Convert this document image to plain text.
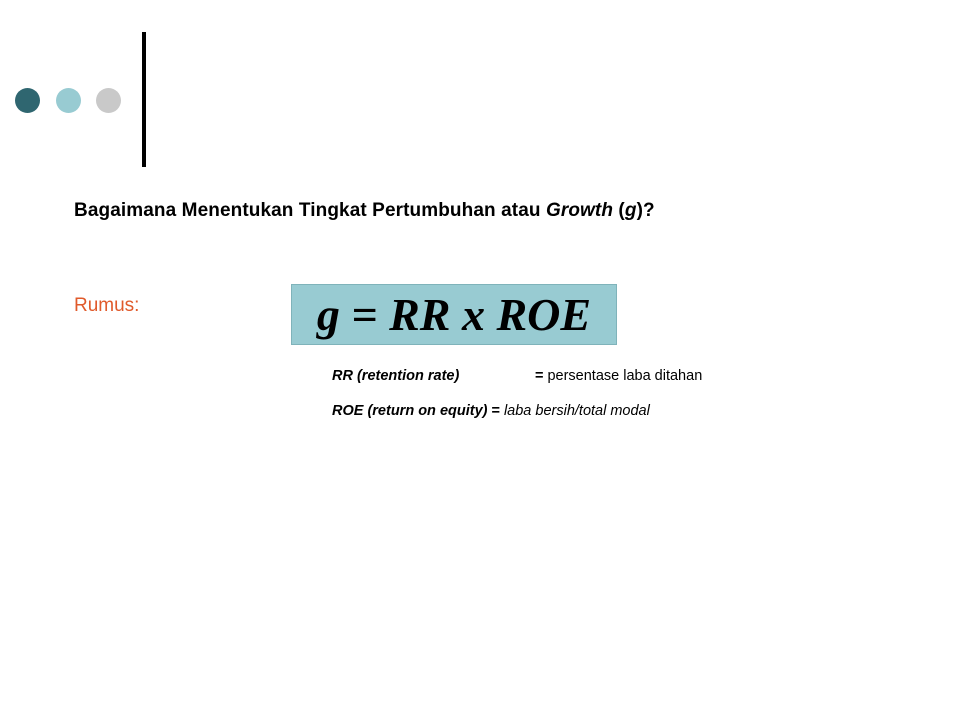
Bagaimana Menentukan Tingkat Pertumbuhan atau Growth (g)?
Rumus:	g = RR x ROE
RR (retention rate)	= persentase laba ditahan
ROE (return on equity) = laba bersih/total modal
